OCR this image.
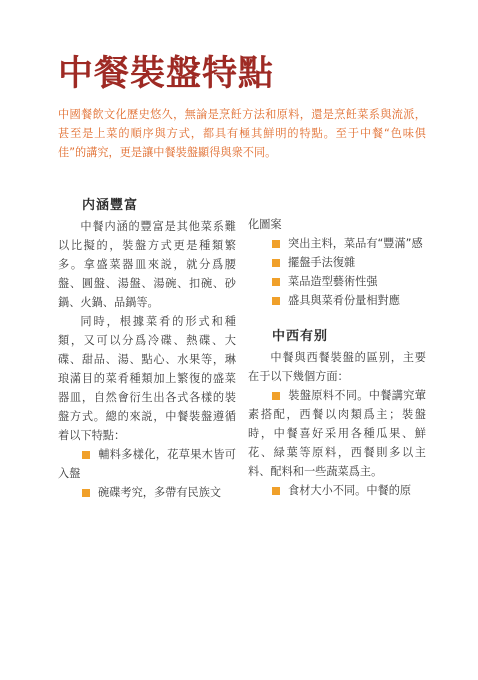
中餐裝盤特點

中國餐飲文化歷史悠久，無論是烹飪方法和原料，還是烹飪菜系與流派，甚至是上菜的順序與方式，都具有極其鮮明的特點。至于中餐“色味俱佳”的講究，更是讓中餐裝盤顯得與衆不同。

内涵豐富

中餐内涵的豐富是其他菜系難以比擬的，裝盤方式更是種類繁多。拿盛菜器皿來説，就分爲腰盤、圓盤、湯盤、湯碗、扣碗、砂鍋、火鍋、品鍋等。

同時，根據菜肴的形式和種類，又可以分爲冷碟、熱碟、大碟、甜品、湯、點心、水果等，琳琅滿目的菜肴種類加上繁復的盛菜器皿，自然會衍生出各式各樣的裝盤方式。總的來説，中餐裝盤遵循着以下特點：

輔料多樣化，花草果木皆可入盤

碗碟考究，多帶有民族文

化圖案

突出主料，菜品有“豐滿”感

擺盤手法復雜

菜品造型藝術性强

盛具與菜肴份量相對應

中西有别

中餐與西餐裝盤的區别，主要在于以下幾個方面：

裝盤原料不同。中餐講究葷素搭配，西餐以肉類爲主；裝盤時，中餐喜好采用各種瓜果、鮮花、緑葉等原料，西餐則多以主料、配料和一些蔬菜爲主。

食材大小不同。中餐的原
